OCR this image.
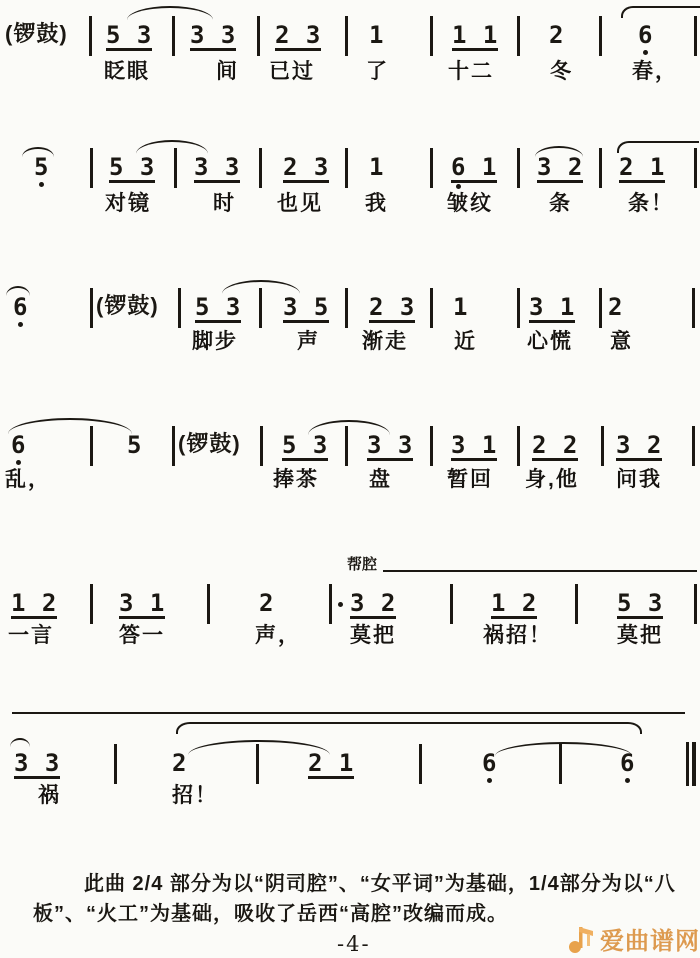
(锣鼓) 5 3 3 3 2 3 1	1 1 2	6
眨眼	间 已过 了	十二	冬	春，
5 5 3 3 3 2 3 1	6 1 3 2 2 1
对镜	时 也见 我	皱纹	条	条！
6	(锣鼓) 5 3 3 5 2 3 1	3 1 2
脚步	声 渐走 近 心慌 意
6	5 (锣鼓) 5 3 3 3 3 1 2 2 3 2
乱，	捧茶 盘	暂回 身,他 问我
帮腔
1 2	3 1	2	3 2	1 2	5 3
一言	答一	声， 莫把	祸招！	莫把
3 3	2	2 1	6	6
祸	招！
此曲 2/4 部分为以“阴司腔”、“女平词”为基础，1/4部分为以“八
板”、“火工”为基础，吸收了岳西“高腔”改编而成。
-4-	爱曲谱网
